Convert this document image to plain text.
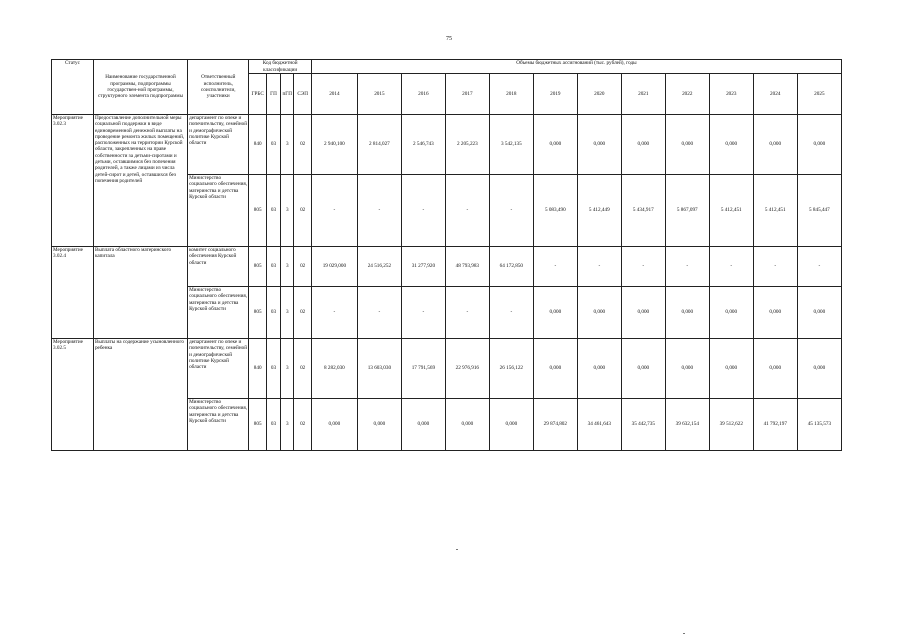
75
Статус	Наименование государственной программы, подпрограммы государствен-ной программы, структурного элемента подпрограммы	Ответственный исполнитель, соисполнители, участники	Код бюджетной классификации				Объемы бюджетных ассигнований (тыс. рублей), годы											
			ГРБС	ГП	пГП	СЭП	2014	2015	2016	2017	2018	2019	2020	2021	2022	2023	2024	2025
Мероприятие 3.02.3	Предоставление дополнительной меры социальной поддержки в виде единовременной денежной выплаты на проведение ремонта жилых помещений, расположенных на территории Курской области, закрепленных на праве собственности за детьми-сиротами и детьми, оставшимися без попечения родителей, а также лицами из числа детей-сирот и детей, оставшихся без попечения родителей	департамент по опеке и попечительству, семейной и демографической политике Курской области	840	03	3	02	2 940,100	2 814,027	2 546,743	2 205,223	3 542,135	0,000	0,000	0,000	0,000	0,000	0,000	0,000
		Министерство социального обеспечения, материнства и детства Курской области	805	03	3	02	-	-	-	-	-	5 083,490	5 412,449	5 434,917	5 867,097	5 412,451	5 412,451	5 845,447
Мероприятие 3.02.4	Выплата областного материнского капитала	комитет социального обеспечения Курской области	805	03	3	02	19 029,000	24 516,252	31 277,920	48 793,983	64 172,850	-	-	-	-	-	-	-
		Министерство социального обеспечения, материнства и детства Курской области	805	03	3	02	-	-	-	-	-	0,000	0,000	0,000	0,000	0,000	0,000	0,000
Мероприятие 3.02.5	Выплаты на содержание усыновленного ребенка	департамент по опеке и попечительству, семейной и демографической политике Курской области	840	03	3	02	8 282,030	13 603,030	17 791,569	22 976,916	26 156,122	0,000	0,000	0,000	0,000	0,000	0,000	0,000
		Министерство социального обеспечения, материнства и детства Курской области	805	03	3	02	0,000	0,000	0,000	0,000	0,000	29 874,802	34 461,643	35 442,735	39 632,154	39 512,622	41 792,197	45 135,573
